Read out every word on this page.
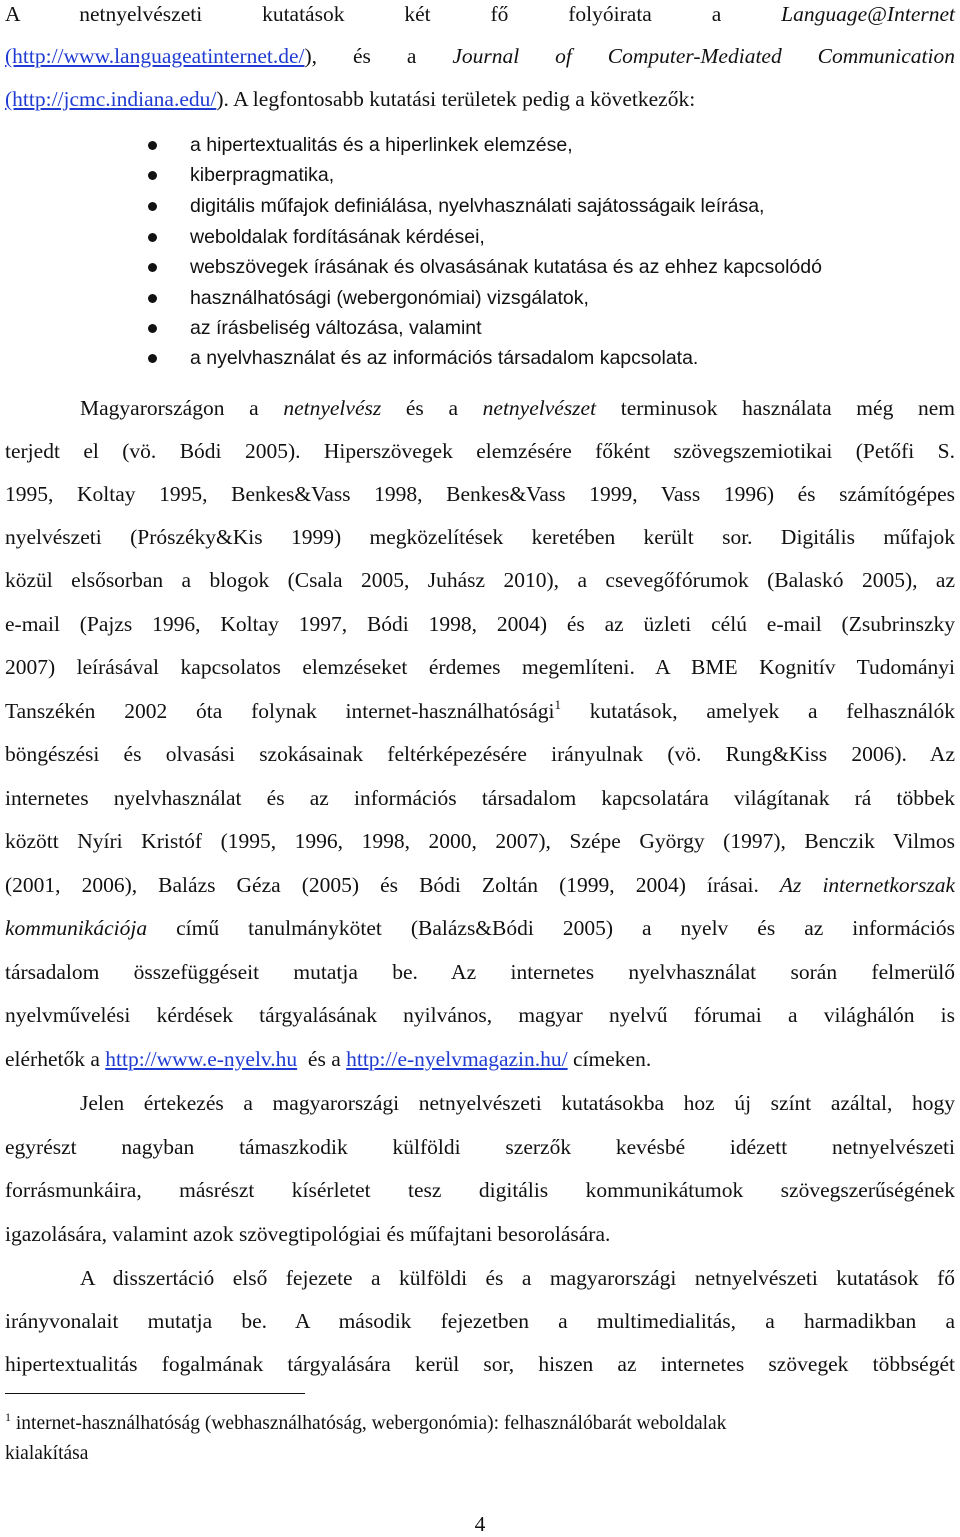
A netnyelvészeti kutatások két fő folyóirata a Language@Internet
(http://www.languageatinternet.de/), és a Journal of Computer-Mediated Communication
(http://jcmc.indiana.edu/). A legfontosabb kutatási területek pedig a következők:
a hipertextualitás és a hiperlinkek elemzése,
kiberpragmatika,
digitális műfajok definiálása, nyelvhasználati sajátosságaik leírása,
weboldalak fordításának kérdései,
webszövegek írásának és olvasásának kutatása és az ehhez kapcsolódó
használhatósági (webergonómiai) vizsgálatok,
az írásbeliség változása, valamint
a nyelvhasználat és az információs társadalom kapcsolata.
Magyarországon a netnyelvész és a netnyelvészet terminusok használata még nem
terjedt el (vö. Bódi 2005). Hiperszövegek elemzésére főként szövegszemiotikai (Petőfi S.
1995, Koltay 1995, Benkes&Vass 1998, Benkes&Vass 1999, Vass 1996) és számítógépes
nyelvészeti (Prószéky&Kis 1999) megközelítések keretében került sor. Digitális műfajok
közül elsősorban a blogok (Csala 2005, Juhász 2010), a csevegőfórumok (Balaskó 2005), az
e-mail (Pajzs 1996, Koltay 1997, Bódi 1998, 2004) és az üzleti célú e-mail (Zsubrinszky
2007) leírásával kapcsolatos elemzéseket érdemes megemlíteni. A BME Kognitív Tudományi
Tanszékén 2002 óta folynak internet-használhatósági$^1$ kutatások, amelyek a felhasználók
böngészési és olvasási szokásainak feltérképezésére irányulnak (vö. Rung&Kiss 2006). Az
internetes nyelvhasználat és az információs társadalom kapcsolatára világítanak rá többek
között Nyíri Kristóf (1995, 1996, 1998, 2000, 2007), Szépe György (1997), Benczik Vilmos
(2001, 2006), Balázs Géza (2005) és Bódi Zoltán (1999, 2004) írásai. Az internetkorszak
kommunikációja című tanulmánykötet (Balázs&Bódi 2005) a nyelv és az információs
társadalom összefüggéseit mutatja be. Az internetes nyelvhasználat során felmerülő
nyelvművelési kérdések tárgyalásának nyilvános, magyar nyelvű fórumai a világhálón is
elérhetők a http://www.e-nyelv.hu  és a http://e-nyelvmagazin.hu/ címeken.
Jelen értekezés a magyarországi netnyelvészeti kutatásokba hoz új színt azáltal, hogy
egyrészt nagyban támaszkodik külföldi szerzők kevésbé idézett netnyelvészeti
forrásmunkáira, másrészt kísérletet tesz digitális kommunikátumok szövegszerűségének
igazolására, valamint azok szövegtipológiai és műfajtani besorolására.
A disszertáció első fejezete a külföldi és a magyarországi netnyelvészeti kutatások fő
irányvonalait mutatja be. A második fejezetben a multimedialitás, a harmadikban a
hipertextualitás fogalmának tárgyalására kerül sor, hiszen az internetes szövegek többségét
$^1$ internet-használhatóság (webhasználhatóság, webergonómia): felhasználóbarát weboldalak
kialakítása
4
